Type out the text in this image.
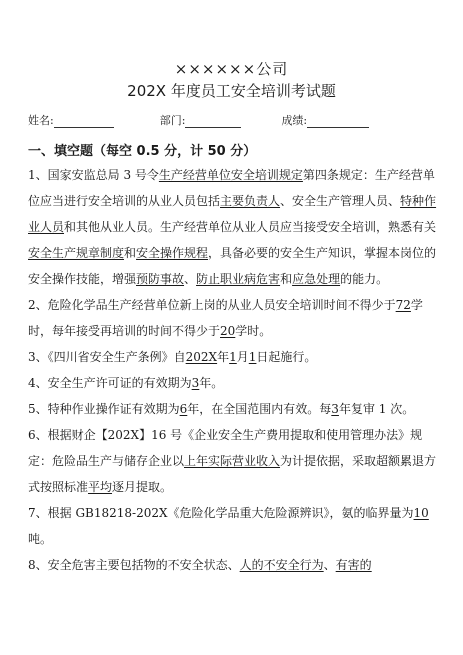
××××××公司
202X 年度员工安全培训考试题
姓名:	部门:	成绩:
一、填空题（每空 0.5 分，计 50 分）
1、国家安监总局 3 号令生产经营单位安全培训规定第四条规定：生产经营单位应当进行安全培训的从业人员包括主要负责人、安全生产管理人员、特种作业人员和其他从业人员。生产经营单位从业人员应当接受安全培训，熟悉有关安全生产规章制度和安全操作规程，具备必要的安全生产知识，掌握本岗位的安全操作技能，增强预防事故、防止职业病危害和应急处理的能力。
2、危险化学品生产经营单位新上岗的从业人员安全培训时间不得少于72学时，每年接受再培训的时间不得少于20学时。
3、《四川省安全生产条例》自202X年1月1日起施行。
4、安全生产许可证的有效期为3年。
5、特种作业操作证有效期为6年，在全国范围内有效。每3年复审 1 次。
6、根据财企【202X】16 号《企业安全生产费用提取和使用管理办法》规定：危险品生产与储存企业以上年实际营业收入为计提依据，采取超额累退方式按照标准平均逐月提取。
7、根据 GB18218-202X《危险化学品重大危险源辨识》，氨的临界量为10吨。
8、安全危害主要包括物的不安全状态、人的不安全行为、有害的
